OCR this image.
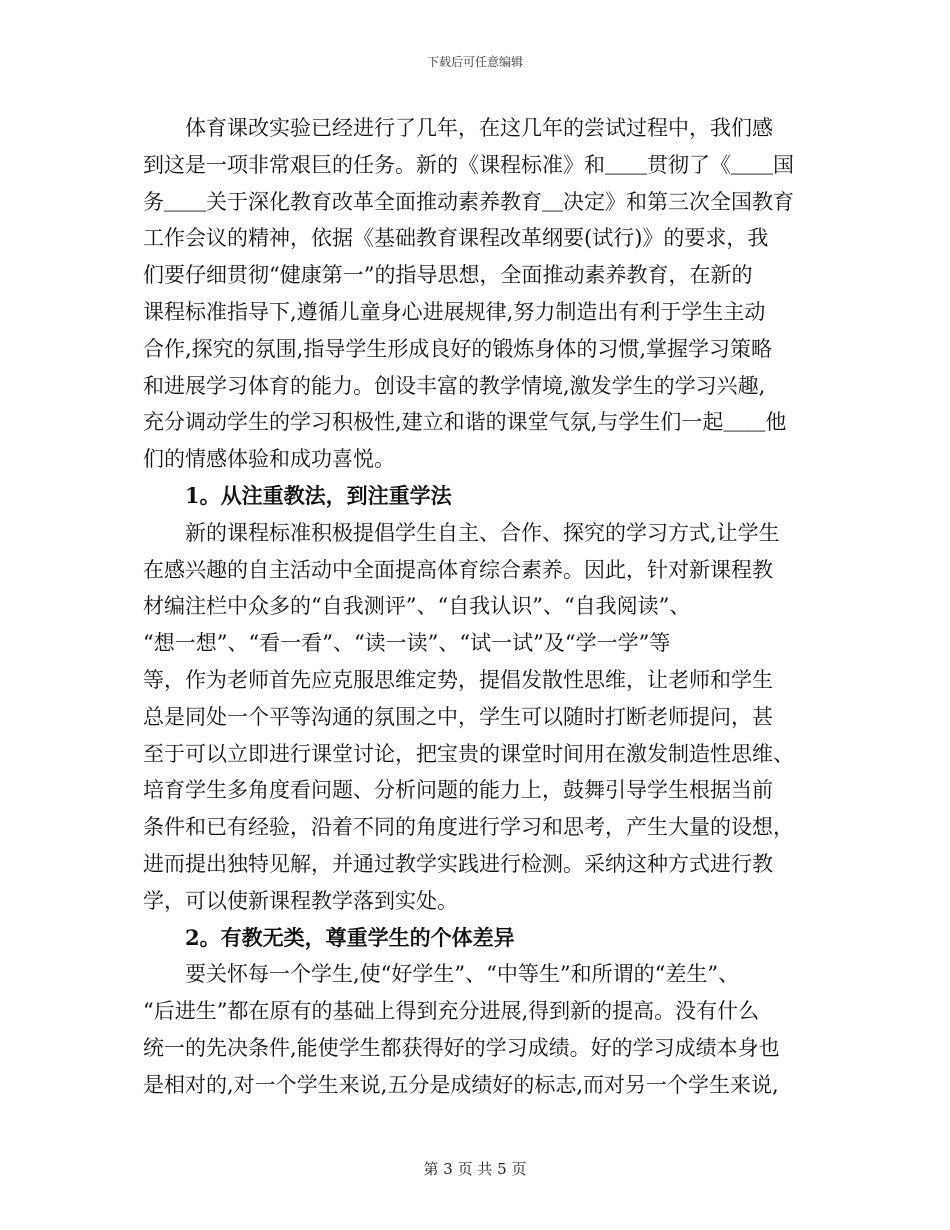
下载后可任意编辑
　　体育课改实验已经进行了几年，在这几年的尝试过程中，我们感
到这是一项非常艰巨的任务。新的《课程标准》和＿＿贯彻了《＿＿国
务＿＿关于深化教育改革全面推动素养教育＿决定》和第三次全国教育
工作会议的精神，依据《基础教育课程改革纲要(试行)》的要求，我
们要仔细贯彻“健康第一”的指导思想，全面推动素养教育，在新的
课程标准指导下,遵循儿童身心进展规律,努力制造出有利于学生主动
合作,探究的氛围,指导学生形成良好的锻炼身体的习惯,掌握学习策略
和进展学习体育的能力。创设丰富的教学情境,激发学生的学习兴趣,
充分调动学生的学习积极性,建立和谐的课堂气氛,与学生们一起＿＿他
们的情感体验和成功喜悦。
　　1。从注重教法，到注重学法
　　新的课程标准积极提倡学生自主、合作、探究的学习方式,让学生
在感兴趣的自主活动中全面提高体育综合素养。因此，针对新课程教
材编注栏中众多的“自我测评”、“自我认识”、“自我阅读”、
“想一想”、“看一看”、“读一读”、“试一试”及“学一学”等
等，作为老师首先应克服思维定势，提倡发散性思维，让老师和学生
总是同处一个平等沟通的氛围之中，学生可以随时打断老师提问，甚
至于可以立即进行课堂讨论，把宝贵的课堂时间用在激发制造性思维、
培育学生多角度看问题、分析问题的能力上，鼓舞引导学生根据当前
条件和已有经验，沿着不同的角度进行学习和思考，产生大量的设想，
进而提出独特见解，并通过教学实践进行检测。采纳这种方式进行教
学，可以使新课程教学落到实处。
　　2。有教无类，尊重学生的个体差异
　　要关怀每一个学生,使“好学生”、“中等生”和所谓的“差生”、
“后进生”都在原有的基础上得到充分进展,得到新的提高。没有什么
统一的先决条件,能使学生都获得好的学习成绩。好的学习成绩本身也
是相对的,对一个学生来说,五分是成绩好的标志,而对另一个学生来说,
第 3 页 共 5 页
